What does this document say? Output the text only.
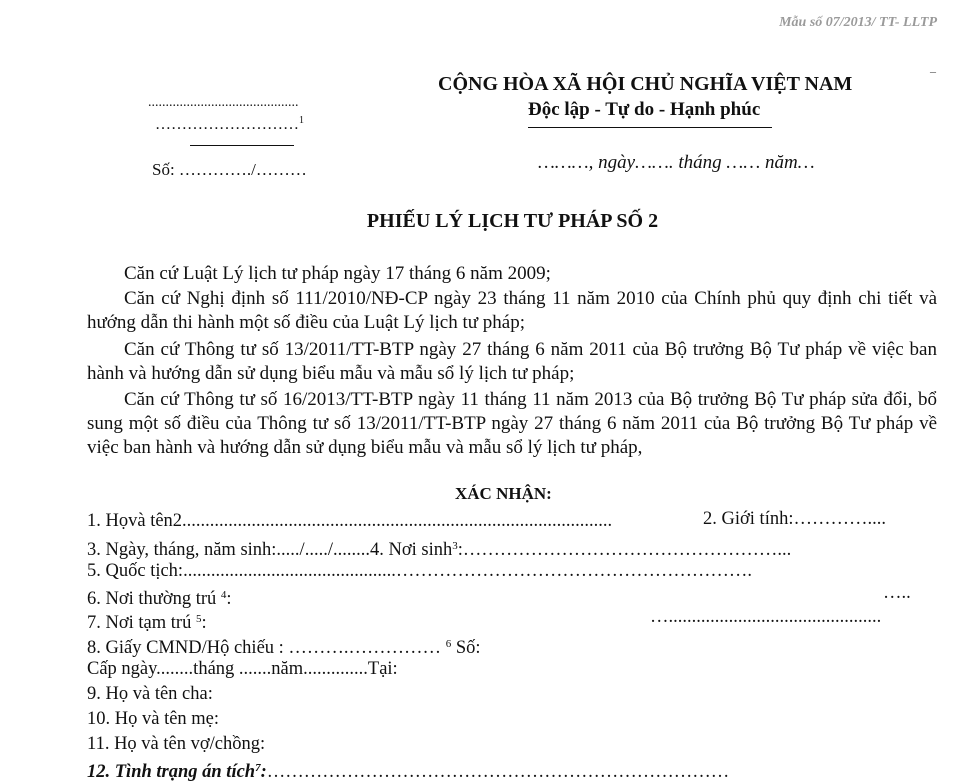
Mẫu số 07/2013/ TT- LLTP
–
CỘNG HÒA XÃ HỘI CHỦ NGHĨA VIỆT NAM
Độc lập - Tự do - Hạnh phúc
...........................................
………………………$^1$
Số: …………./………	………, ngày……. tháng …… năm…
PHIẾU LÝ LỊCH TƯ PHÁP SỐ 2
Căn cứ Luật Lý lịch tư pháp ngày 17 tháng 6 năm 2009;
Căn cứ Nghị định số 111/2010/NĐ-CP ngày 23 tháng 11 năm 2010 của Chính phủ quy định chi tiết và hướng dẫn thi hành một số điều của Luật Lý lịch tư pháp;
Căn cứ Thông tư số 13/2011/TT-BTP ngày 27 tháng 6 năm 2011 của Bộ trưởng Bộ Tư pháp về việc ban hành và hướng dẫn sử dụng biểu mẫu và mẫu sổ lý lịch tư pháp;
Căn cứ Thông tư số 16/2013/TT-BTP ngày 11 tháng 11 năm 2013 của Bộ trưởng Bộ Tư pháp sửa đổi, bổ sung một số điều của Thông tư số 13/2011/TT-BTP ngày 27 tháng 6 năm 2011 của Bộ trưởng Bộ Tư pháp về việc ban hành và hướng dẫn sử dụng biểu mẫu và mẫu sổ lý lịch tư pháp,
XÁC NHẬN:
1. Họvà tên2.............................................................................................	2. Giới tính:…………....
3. Ngày, tháng, năm sinh:...../...../........4. Nơi $\sinh^3:\dots\dots\dots\dots\dots\dots\dots\dots\dots\dots\dots\dots\dots\dots\dots\dots\dots$...
5. Quốc tịch:..............................................………………………………………………….
6. Nơi thường trú $^4$:	…..
7. Nơi tạm trú $^5$:	…..............................................
8. Giấy CMND/Hộ chiếu : ……….…………… $^6$ Số:
Cấp ngày........tháng .......năm..............Tại:
9. Họ và tên cha:
10. Họ và tên mẹ:
11. Họ và tên vợ/chồng:
12. Tình trạng án tích$^7$:…………………………………………………………………
